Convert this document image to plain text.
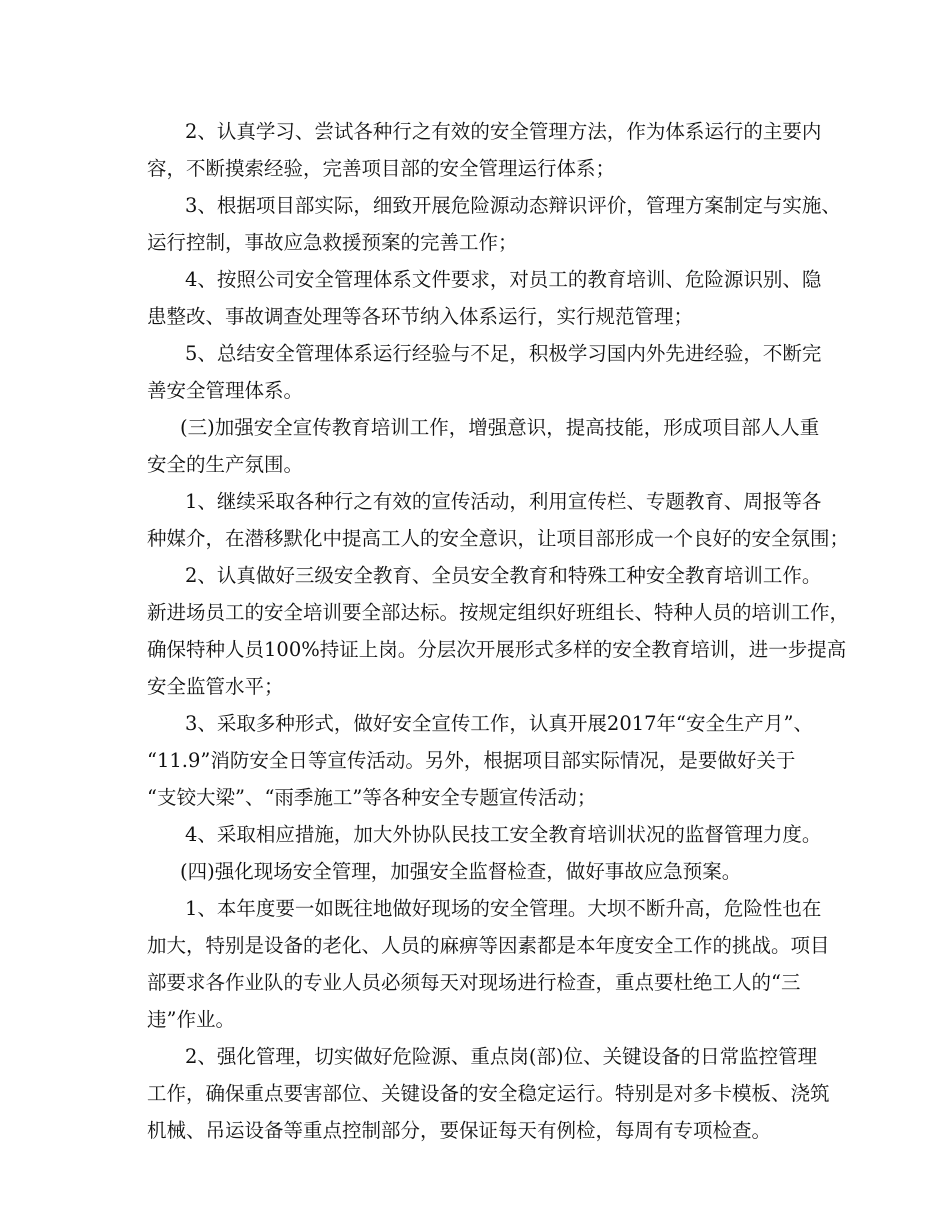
2、认真学习、尝试各种行之有效的安全管理方法，作为体系运行的主要内

容，不断摸索经验，完善项目部的安全管理运行体系；

3、根据项目部实际，细致开展危险源动态辩识评价，管理方案制定与实施、

运行控制，事故应急救援预案的完善工作；

4、按照公司安全管理体系文件要求，对员工的教育培训、危险源识别、隐

患整改、事故调查处理等各环节纳入体系运行，实行规范管理；

5、总结安全管理体系运行经验与不足，积极学习国内外先进经验，不断完

善安全管理体系。

(三)加强安全宣传教育培训工作，增强意识，提高技能，形成项目部人人重

安全的生产氛围。

1、继续采取各种行之有效的宣传活动，利用宣传栏、专题教育、周报等各

种媒介，在潜移默化中提高工人的安全意识，让项目部形成一个良好的安全氛围；

2、认真做好三级安全教育、全员安全教育和特殊工种安全教育培训工作。

新进场员工的安全培训要全部达标。按规定组织好班组长、特种人员的培训工作，

确保特种人员100%持证上岗。分层次开展形式多样的安全教育培训，进一步提高

安全监管水平；

3、采取多种形式，做好安全宣传工作，认真开展2017年“安全生产月”、

“11.9”消防安全日等宣传活动。另外，根据项目部实际情况，是要做好关于

“支铰大梁”、“雨季施工”等各种安全专题宣传活动；

4、采取相应措施，加大外协队民技工安全教育培训状况的监督管理力度。

(四)强化现场安全管理，加强安全监督检查，做好事故应急预案。

1、本年度要一如既往地做好现场的安全管理。大坝不断升高，危险性也在

加大，特别是设备的老化、人员的麻痹等因素都是本年度安全工作的挑战。项目

部要求各作业队的专业人员必须每天对现场进行检查，重点要杜绝工人的“三

违”作业。

2、强化管理，切实做好危险源、重点岗(部)位、关键设备的日常监控管理

工作，确保重点要害部位、关键设备的安全稳定运行。特别是对多卡模板、浇筑

机械、吊运设备等重点控制部分，要保证每天有例检，每周有专项检查。
